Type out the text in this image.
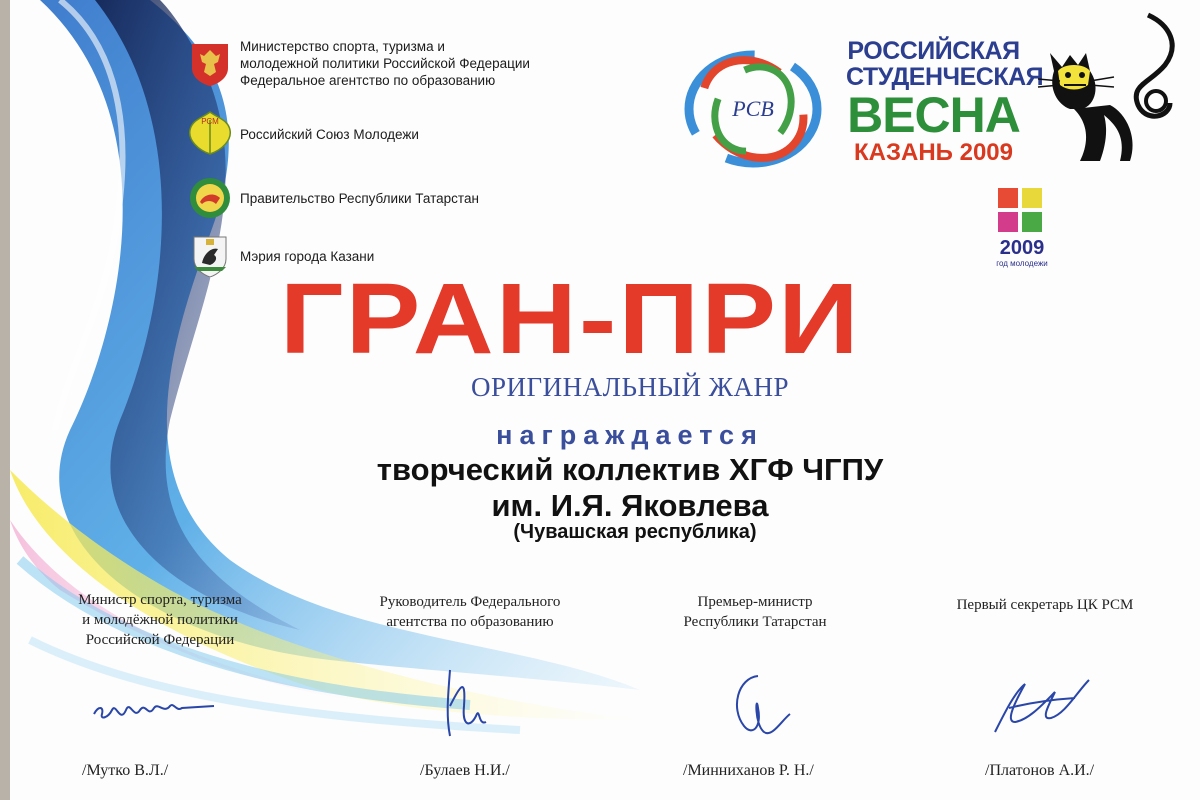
Министерство спорта, туризма и
молодежной политики Российской Федерации
Федеральное агентство по образованию
РСМ
Российский Союз Молодежи
Правительство Республики Татарстан
Мэрия города Казани
РСВ
РОССИЙСКАЯ
СТУДЕНЧЕСКАЯ
ВЕСНА
КАЗАНЬ 2009
2009
год молодежи
ГРАН-ПРИ
ОРИГИНАЛЬНЫЙ ЖАНР
награждается
творческий коллектив ХГФ ЧГПУ
им. И.Я. Яковлева
(Чувашская республика)
Министр спорта, туризма
и молодёжной политики
Российской Федерации
/Мутко В.Л./
Руководитель Федерального
агентства по образованию
/Булаев Н.И./
Премьер-министр
Республики Татарстан
/Минниханов Р. Н./
Первый секретарь ЦК РСМ
/Платонов А.И./
